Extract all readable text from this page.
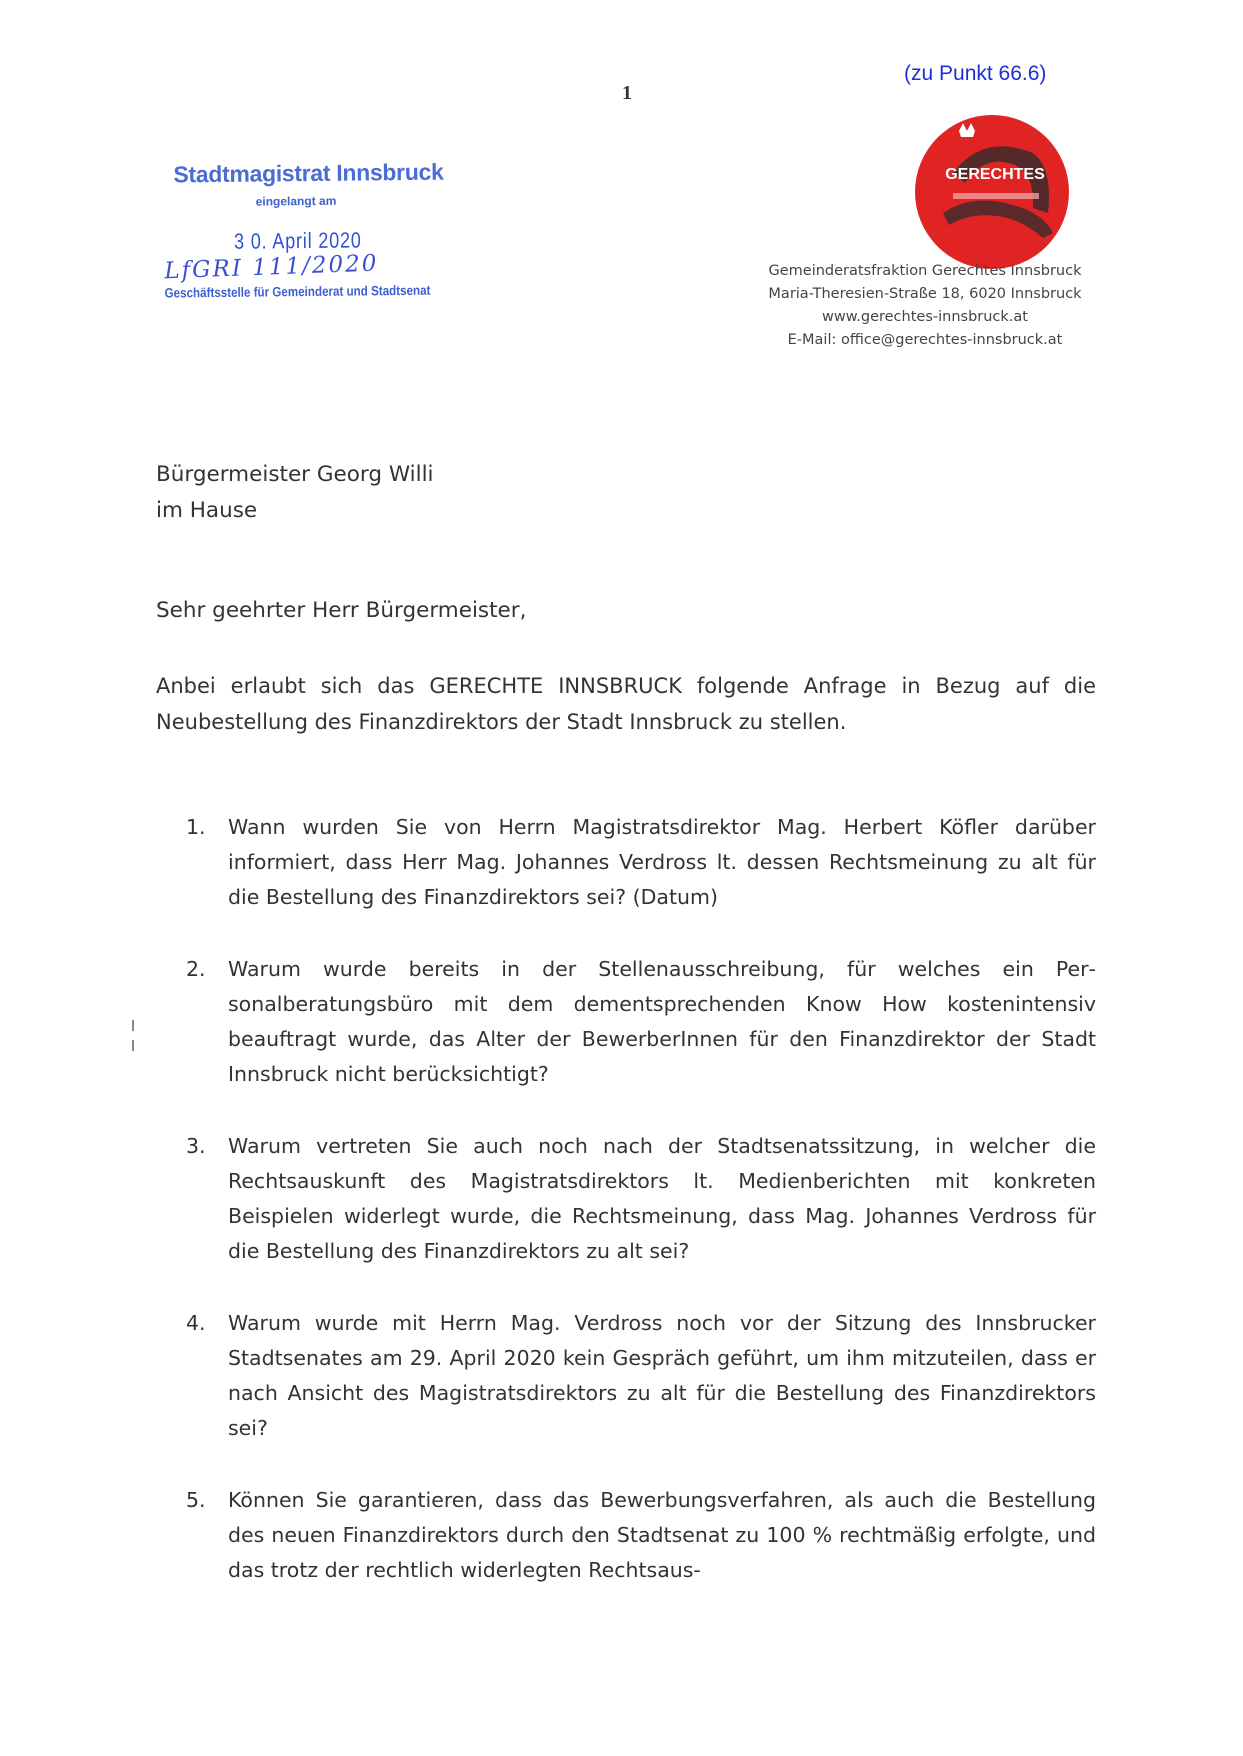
(zu Punkt 66.6)
1
Stadtmagistrat Innsbruck
eingelangt am
3 0. April 2020
LfGRI 111/2020
Geschäftsstelle für Gemeinderat und Stadtsenat
GERECHTES
Gemeinderatsfraktion Gerechtes Innsbruck
Maria-Theresien-Straße 18, 6020 Innsbruck
www.gerechtes-innsbruck.at
E-Mail: office@gerechtes-innsbruck.at
Bürgermeister Georg Willi
im Hause
Sehr geehrter Herr Bürgermeister,
Anbei erlaubt sich das GERECHTE INNSBRUCK folgende Anfrage in Bezug auf die Neubestellung des Finanzdirektors der Stadt Innsbruck zu stellen.
1.	Wann wurden Sie von Herrn Magistratsdirektor Mag. Herbert Köfler darüber informiert, dass Herr Mag. Johannes Verdross lt. dessen Rechtsmeinung zu alt für die Bestellung des Finanzdirektors sei? (Datum)
2.	Warum wurde bereits in der Stellenausschreibung, für welches ein Personalberatungsbüro mit dem dementsprechenden Know How kostenintensiv beauftragt wurde, das Alter der BewerberInnen für den Finanzdirektor der Stadt Innsbruck nicht berücksichtigt?
3.	Warum vertreten Sie auch noch nach der Stadtsenatssitzung, in welcher die Rechtsauskunft des Magistratsdirektors lt. Medienberichten mit konkreten Beispielen widerlegt wurde, die Rechtsmeinung, dass Mag. Johannes Verdross für die Bestellung des Finanzdirektors zu alt sei?
4.	Warum wurde mit Herrn Mag. Verdross noch vor der Sitzung des Innsbrucker Stadtsenates am 29. April 2020 kein Gespräch geführt, um ihm mitzuteilen, dass er nach Ansicht des Magistratsdirektors zu alt für die Bestellung des Finanzdirektors sei?
5.	Können Sie garantieren, dass das Bewerbungsverfahren, als auch die Bestellung des neuen Finanzdirektors durch den Stadtsenat zu 100 % rechtmäßig erfolgte, und das trotz der rechtlich widerlegten Rechtsaus-
